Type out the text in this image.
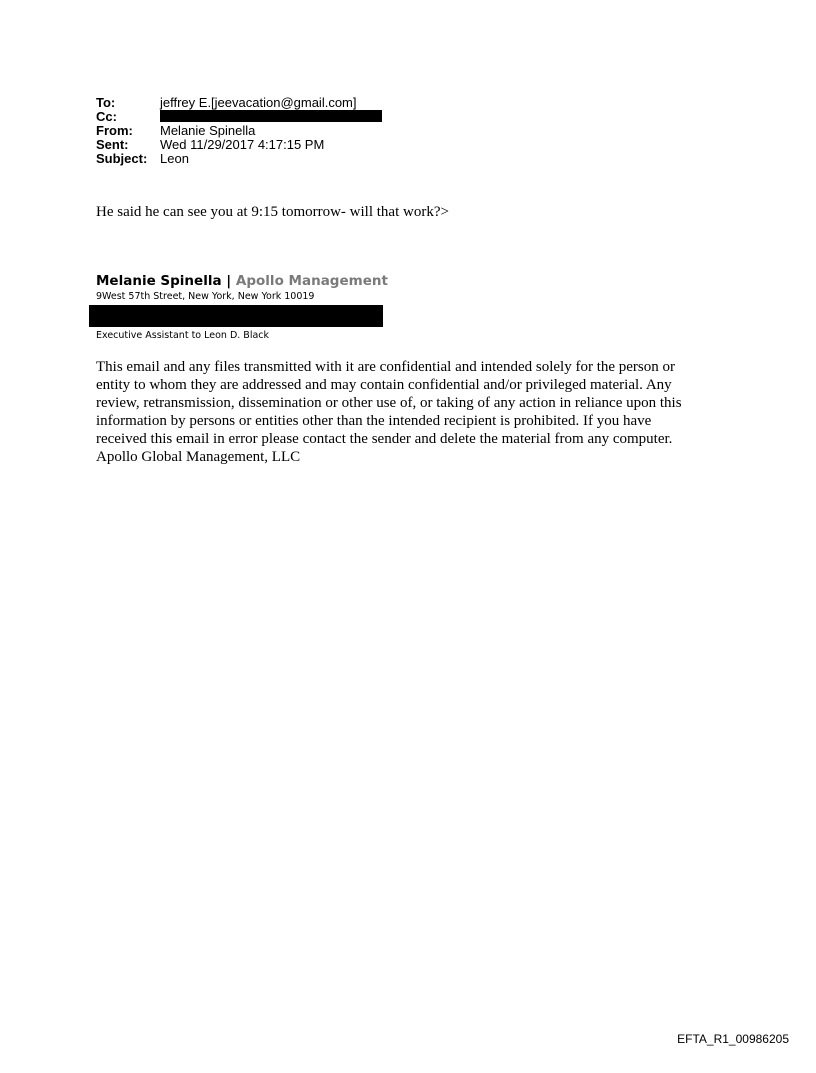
To:	jeffrey E.[jeevacation@gmail.com]
Cc:
From:	Melanie Spinella
Sent:	Wed 11/29/2017 4:17:15 PM
Subject: Leon
He said he can see you at 9:15 tomorrow- will that work?>
Melanie Spinella | Apollo Management
9West 57th Street, New York, New York 10019
Executive Assistant to Leon D. Black
This email and any files transmitted with it are confidential and intended solely for the person or
entity to whom they are addressed and may contain confidential and/or privileged material. Any
review, retransmission, dissemination or other use of, or taking of any action in reliance upon this
information by persons or entities other than the intended recipient is prohibited. If you have
received this email in error please contact the sender and delete the material from any computer.
Apollo Global Management, LLC
EFTA_R1_00986205
